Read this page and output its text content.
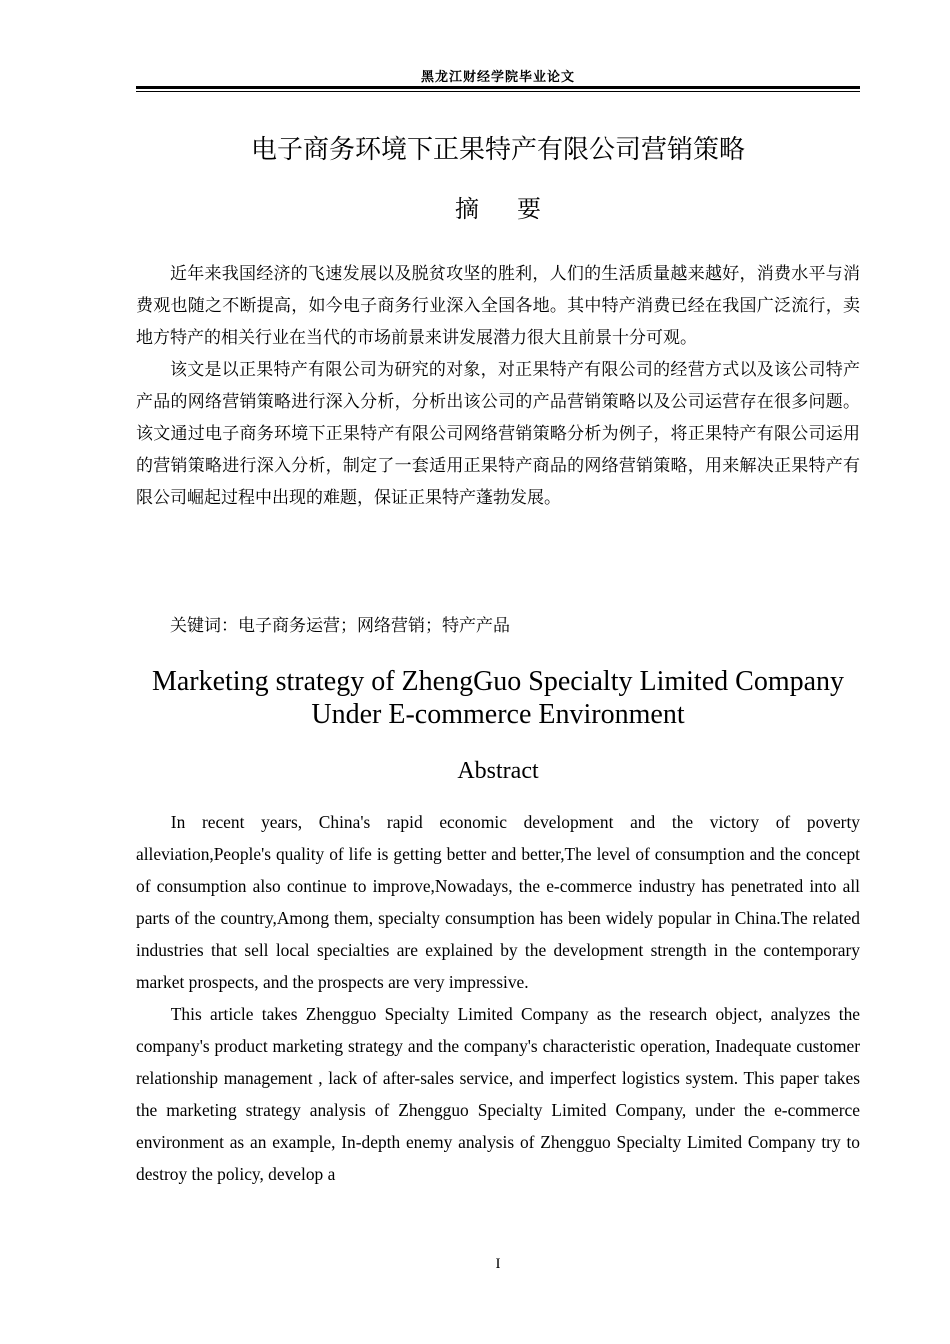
黑龙江财经学院毕业论文
电子商务环境下正果特产有限公司营销策略
摘要

近年来我国经济的飞速发展以及脱贫攻坚的胜利，人们的生活质量越来越好，消费水平与消费观也随之不断提高，如今电子商务行业深入全国各地。其中特产消费已经在我国广泛流行，卖地方特产的相关行业在当代的市场前景来讲发展潜力很大且前景十分可观。

该文是以正果特产有限公司为研究的对象，对正果特产有限公司的经营方式以及该公司特产产品的网络营销策略进行深入分析，分析出该公司的产品营销策略以及公司运营存在很多问题。该文通过电子商务环境下正果特产有限公司网络营销策略分析为例子，将正果特产有限公司运用的营销策略进行深入分析，制定了一套适用正果特产商品的网络营销策略，用来解决正果特产有限公司崛起过程中出现的难题，保证正果特产蓬勃发展。

关键词：电子商务运营；网络营销；特产产品
Marketing strategy of ZhengGuo Specialty Limited Company
Under E-commerce Environment
Abstract

In recent years, China's rapid economic development and the victory of poverty alleviation,People's quality of life is getting better and better,The level of consumption and the concept of consumption also continue to improve,Nowadays, the e-commerce industry has penetrated into all parts of the country,Among them, specialty consumption has been widely popular in China.The related industries that sell local specialties are explained by the development strength in the contemporary market prospects, and the prospects are very impressive.

This article takes Zhengguo Specialty Limited Company as the research object, analyzes the company's product marketing strategy and the company's characteristic operation, Inadequate customer relationship management , lack of after-sales service, and imperfect logistics system. This paper takes the marketing strategy analysis of Zhengguo Specialty Limited Company, under the e-commerce environment as an example, In-depth enemy analysis of Zhengguo Specialty Limited Company try to destroy the policy, develop a

I
